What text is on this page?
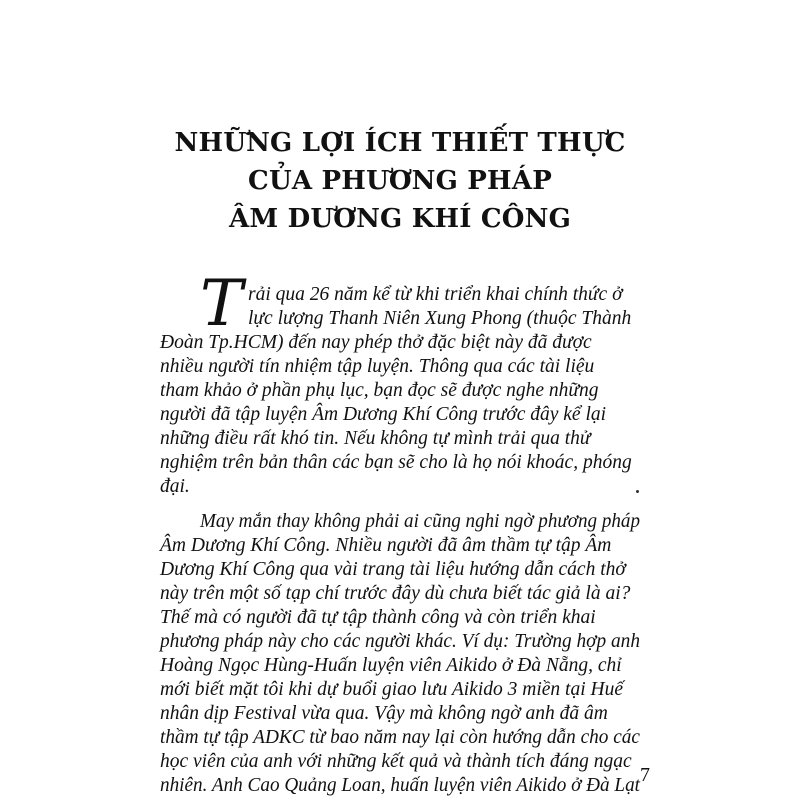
NHỮNG LỢI ÍCH THIẾT THỰC
CỦA PHƯƠNG PHÁP
ÂM DƯƠNG KHÍ CÔNG
T rải qua 26 năm kể từ khi triển khai chính thức ở

lực lượng Thanh Niên Xung Phong (thuộc Thành

Đoàn Tp.HCM) đến nay phép thở đặc biệt này đã được

nhiều người tín nhiệm tập luyện. Thông qua các tài liệu

tham khảo ở phần phụ lục, bạn đọc sẽ được nghe những

người đã tập luyện Âm Dương Khí Công trước đây kể lại

những điều rất khó tin. Nếu không tự mình trải qua thử

nghiệm trên bản thân các bạn sẽ cho là họ nói khoác, phóng

đại.

May mắn thay không phải ai cũng nghi ngờ phương pháp

Âm Dương Khí Công. Nhiều người đã âm thầm tự tập Âm

Dương Khí Công qua vài trang tài liệu hướng dẫn cách thở

này trên một số tạp chí trước đây dù chưa biết tác giả là ai?

Thế mà có người đã tự tập thành công và còn triển khai

phương pháp này cho các người khác. Ví dụ: Trường hợp anh

Hoàng Ngọc Hùng-Huấn luyện viên Aikido ở Đà Nẵng, chỉ

mới biết mặt tôi khi dự buổi giao lưu Aikido 3 miền tại Huế

nhân dịp Festival vừa qua. Vậy mà không ngờ anh đã âm

thầm tự tập ADKC từ bao năm nay lại còn hướng dẫn cho các

học viên của anh với những kết quả và thành tích đáng ngạc

nhiên. Anh Cao Quảng Loan, huấn luyện viên Aikido ở Đà Lạt 7
